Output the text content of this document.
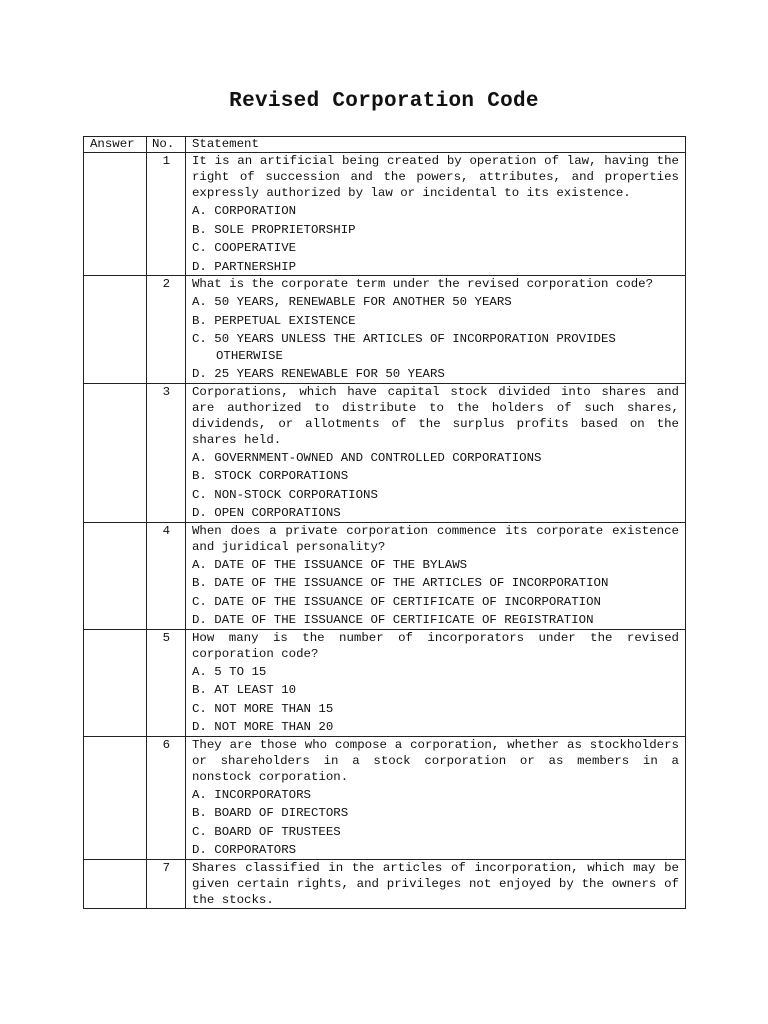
Revised Corporation Code
Answer	No.	Statement
	1	It is an artificial being created by operation of law, having the right of succession and the powers, attributes, and properties expressly authorized by law or incidental to its existence.

A. CORPORATION

B. SOLE PROPRIETORSHIP

C. COOPERATIVE

D. PARTNERSHIP

	2	What is the corporate term under the revised corporation code?

A. 50 YEARS, RENEWABLE FOR ANOTHER 50 YEARS

B. PERPETUAL EXISTENCE

C. 50 YEARS UNLESS THE ARTICLES OF INCORPORATION PROVIDES OTHERWISE

D. 25 YEARS RENEWABLE FOR 50 YEARS

	3	Corporations, which have capital stock divided into shares and are authorized to distribute to the holders of such shares, dividends, or allotments of the surplus profits based on the shares held.

A. GOVERNMENT-OWNED AND CONTROLLED CORPORATIONS

B. STOCK CORPORATIONS

C. NON-STOCK CORPORATIONS

D. OPEN CORPORATIONS

	4	When does a private corporation commence its corporate existence and juridical personality?

A. DATE OF THE ISSUANCE OF THE BYLAWS

B. DATE OF THE ISSUANCE OF THE ARTICLES OF INCORPORATION

C. DATE OF THE ISSUANCE OF CERTIFICATE OF INCORPORATION

D. DATE OF THE ISSUANCE OF CERTIFICATE OF REGISTRATION

	5	How many is the number of incorporators under the revised corporation code?

A. 5 TO 15

B. AT LEAST 10

C. NOT MORE THAN 15

D. NOT MORE THAN 20

	6	They are those who compose a corporation, whether as stockholders or shareholders in a stock corporation or as members in a nonstock corporation.

A. INCORPORATORS

B. BOARD OF DIRECTORS

C. BOARD OF TRUSTEES

D. CORPORATORS

	7	Shares classified in the articles of incorporation, which may be given certain rights, and privileges not enjoyed by the owners of the stocks.
